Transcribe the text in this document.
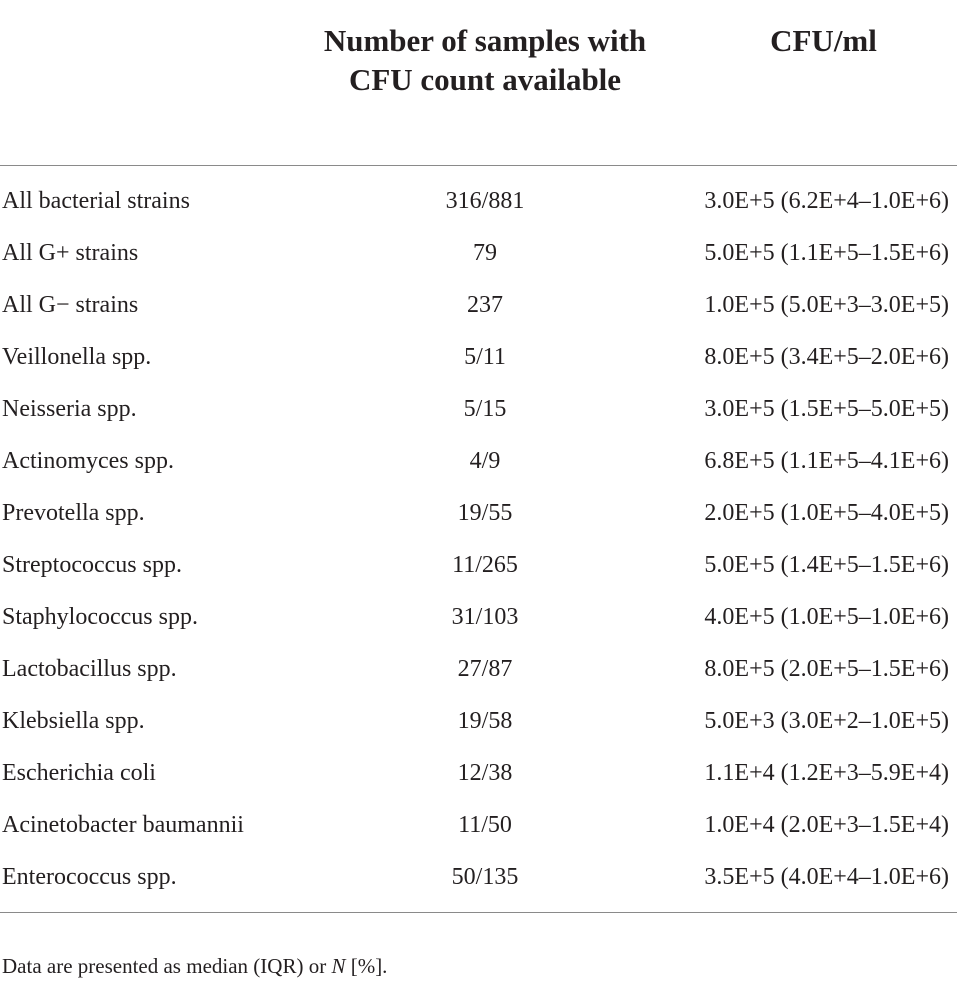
	Number of samples with CFU count available	CFU/ml

All bacterial strains	316/881	3.0E+5 (6.2E+4–1.0E+6)
All G+ strains	79	5.0E+5 (1.1E+5–1.5E+6)
All G− strains	237	1.0E+5 (5.0E+3–3.0E+5)
Veillonella spp.	5/11	8.0E+5 (3.4E+5–2.0E+6)
Neisseria spp.	5/15	3.0E+5 (1.5E+5–5.0E+5)
Actinomyces spp.	4/9	6.8E+5 (1.1E+5–4.1E+6)
Prevotella spp.	19/55	2.0E+5 (1.0E+5–4.0E+5)
Streptococcus spp.	11/265	5.0E+5 (1.4E+5–1.5E+6)
Staphylococcus spp.	31/103	4.0E+5 (1.0E+5–1.0E+6)
Lactobacillus spp.	27/87	8.0E+5 (2.0E+5–1.5E+6)
Klebsiella spp.	19/58	5.0E+3 (3.0E+2–1.0E+5)
Escherichia coli	12/38	1.1E+4 (1.2E+3–5.9E+4)
Acinetobacter baumannii	11/50	1.0E+4 (2.0E+3–1.5E+4)
Enterococcus spp.	50/135	3.5E+5 (4.0E+4–1.0E+6)
Data are presented as median (IQR) or N [%].
